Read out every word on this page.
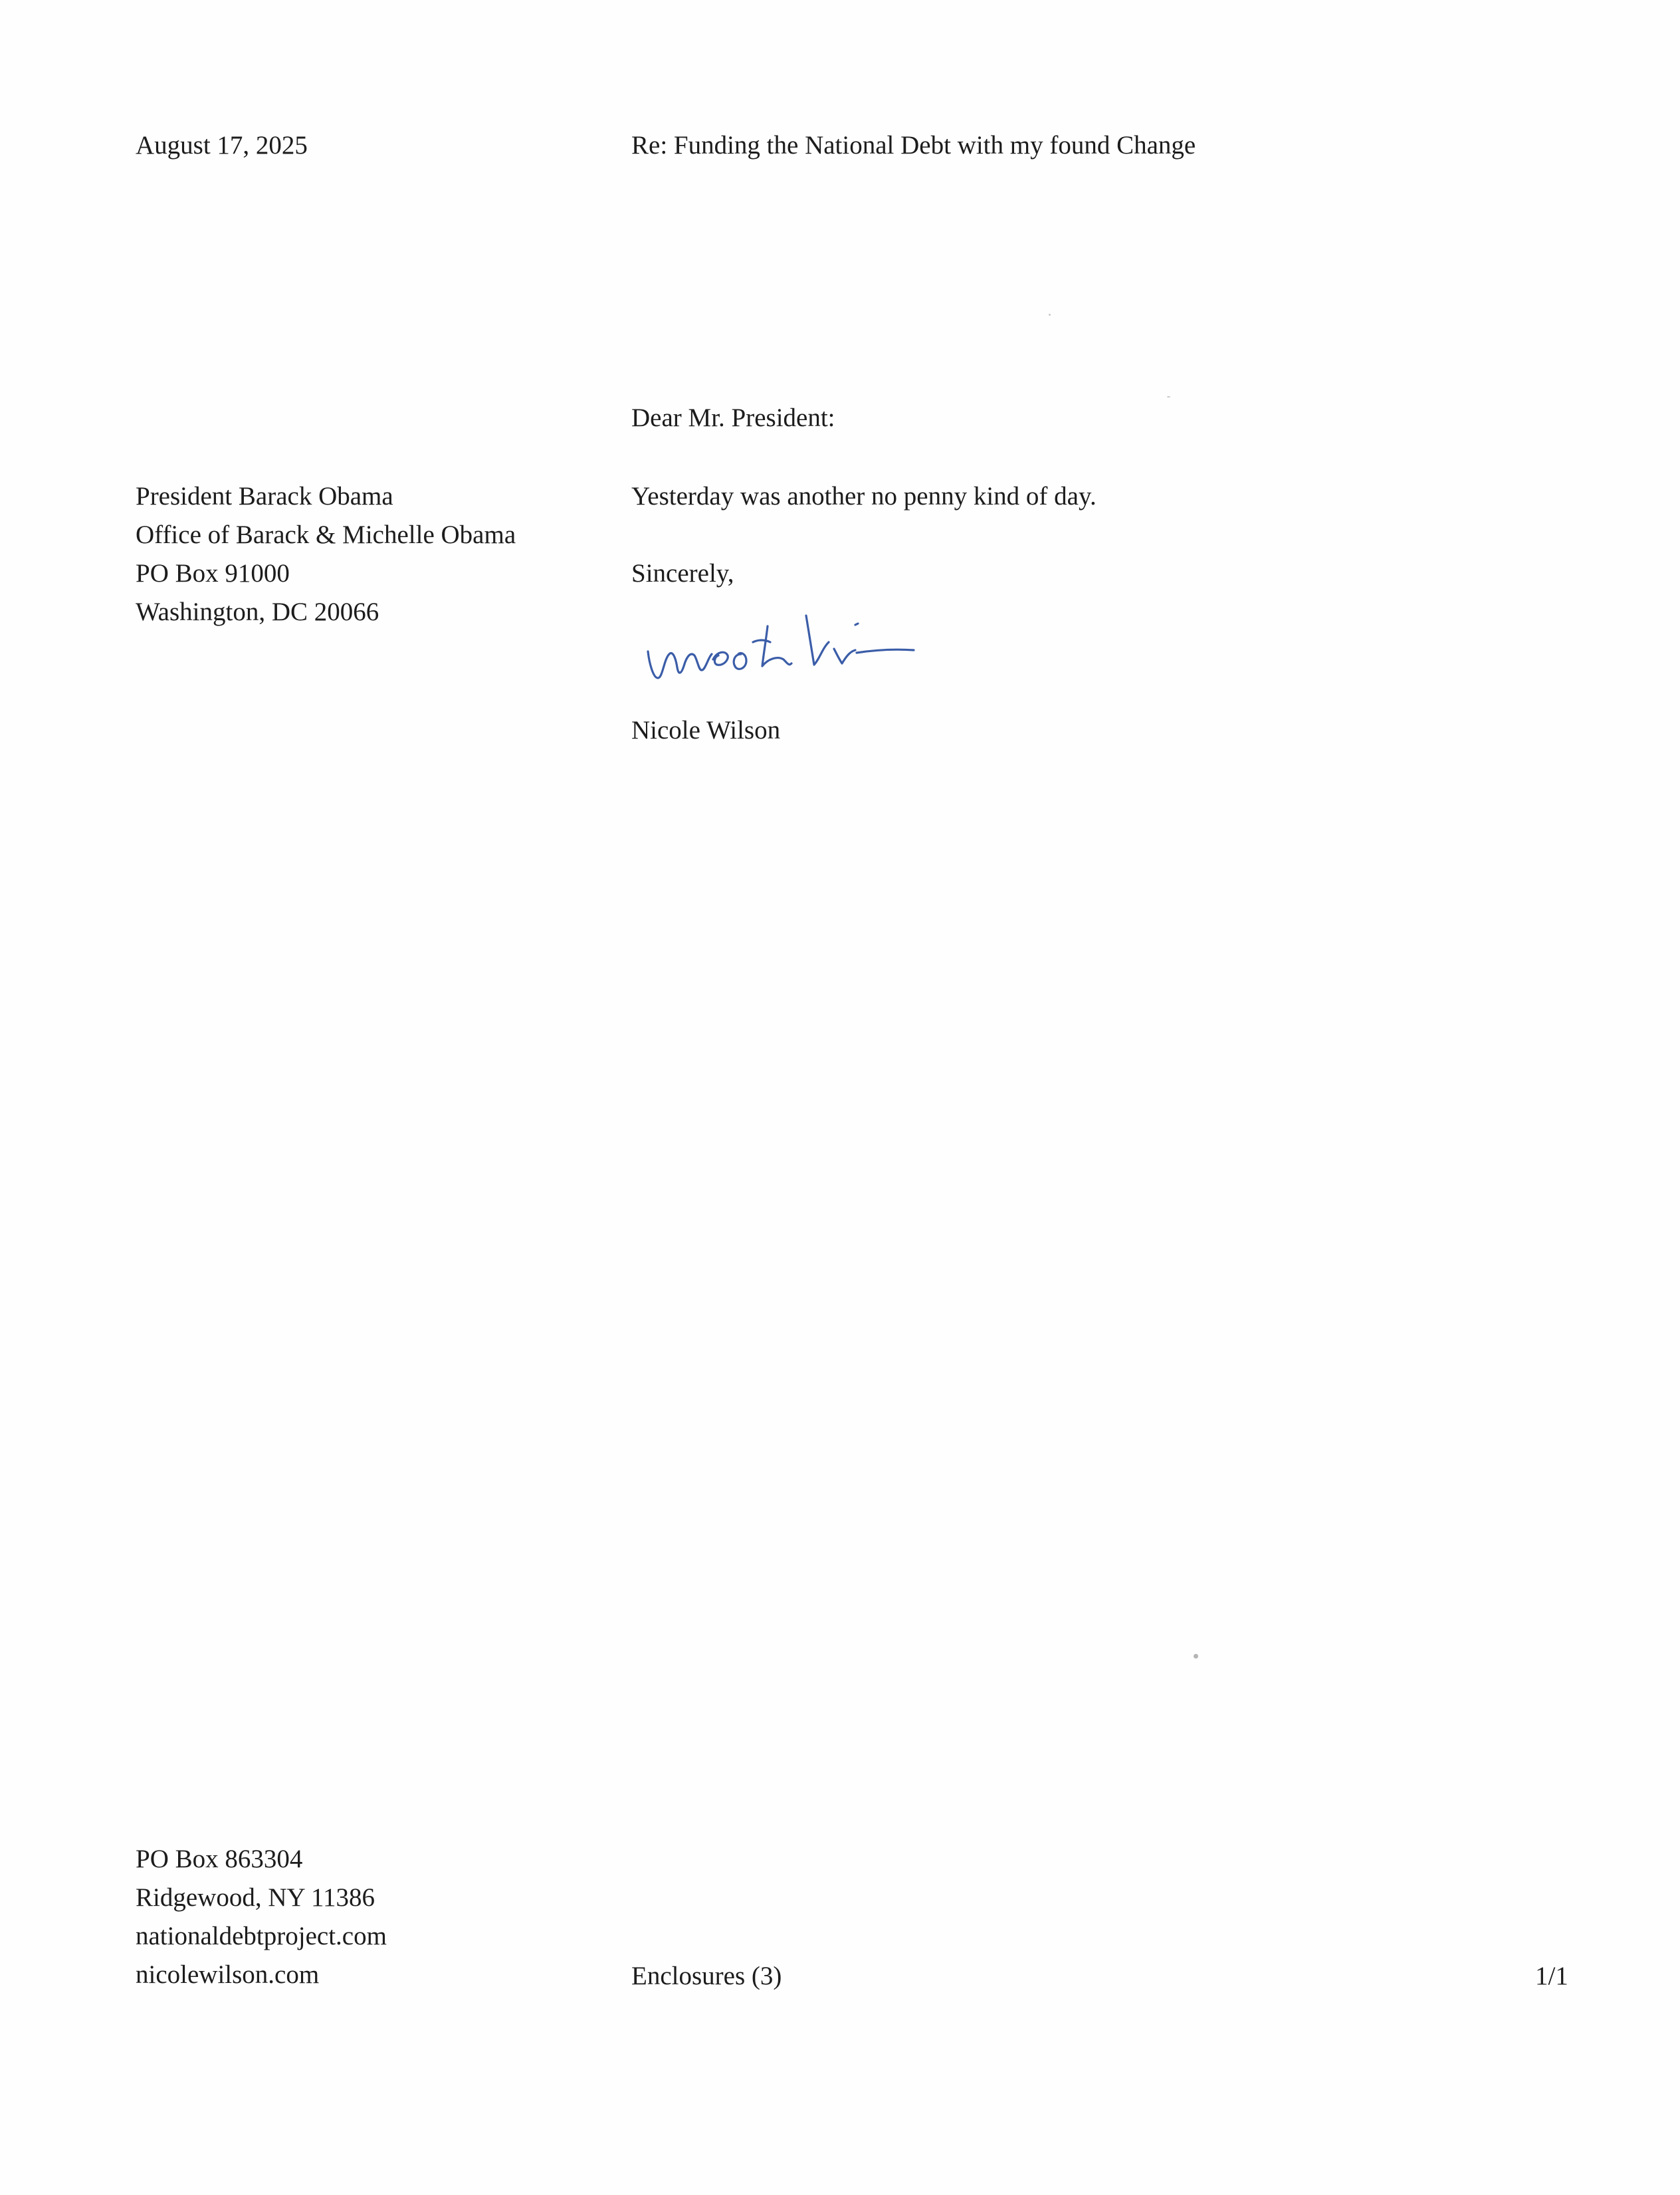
August 17, 2025	Re: Funding the National Debt with my found Change
Dear Mr. President:
President Barack Obama
Office of Barack & Michelle Obama
PO Box 91000
Washington, DC 20066
Yesterday was another no penny kind of day.
Sincerely,
Nicole Wilson
PO Box 863304
Ridgewood, NY 11386
nationaldebtproject.com
nicolewilson.com	Enclosures (3)	1/1
